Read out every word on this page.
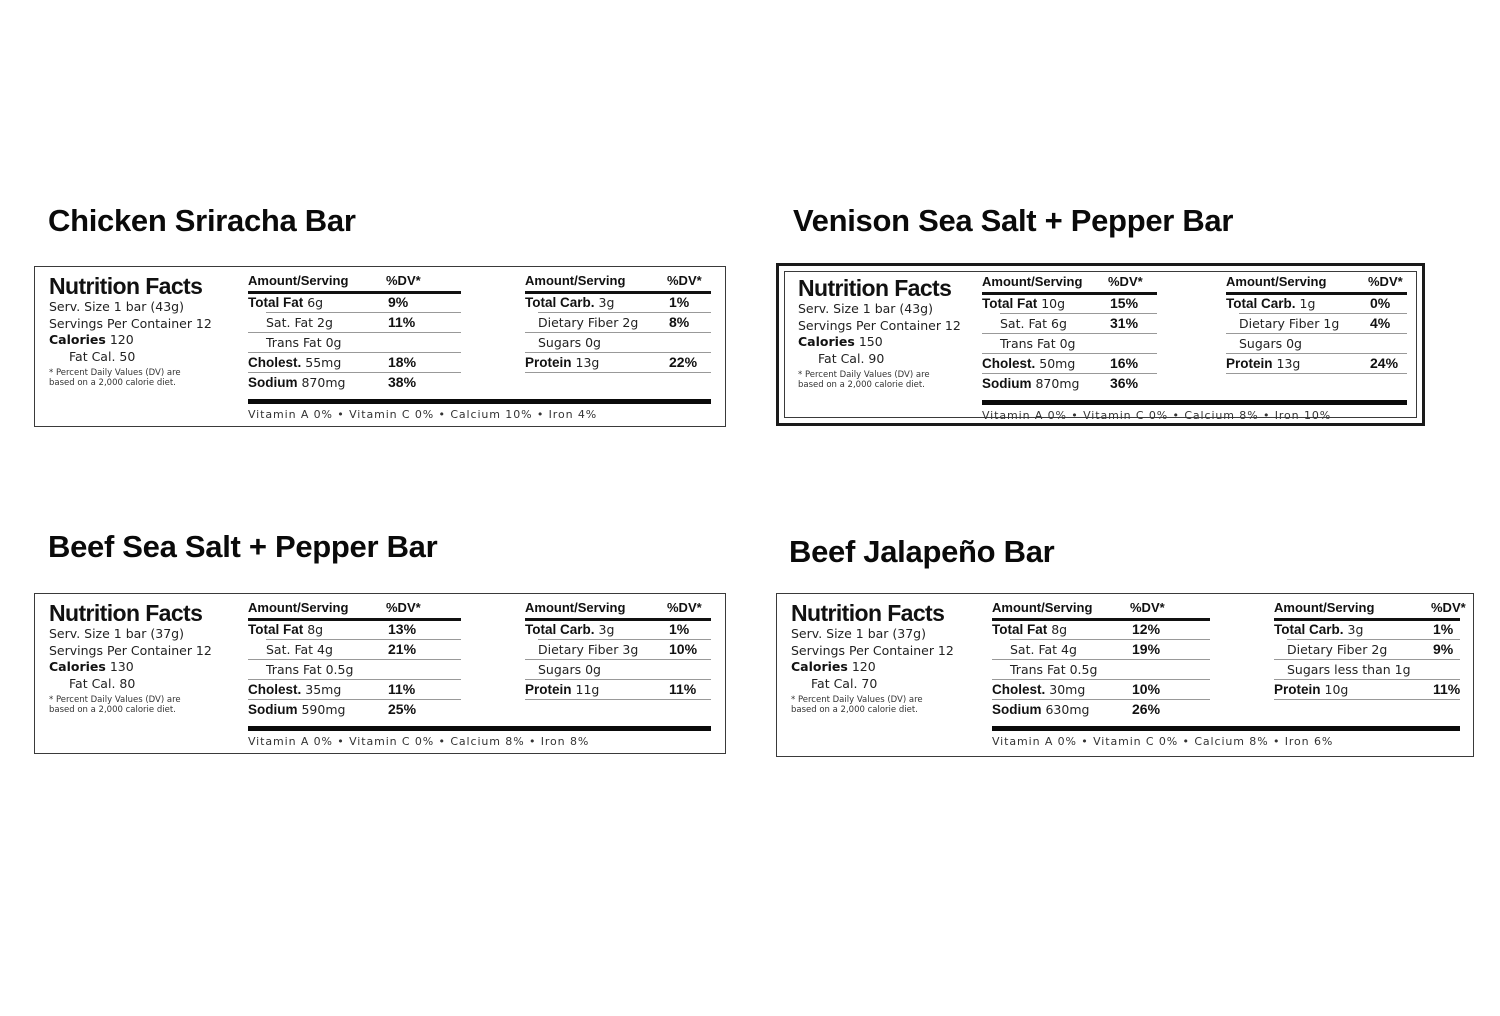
Chicken Sriracha Bar
Nutrition Facts
Serv. Size 1 bar (43g)
Servings Per Container 12
Calories 120
Fat Cal. 50
* Percent Daily Values (DV) are
based on a 2,000 calorie diet.
Amount/Serving	%DV*	Amount/Serving	%DV*
Total Fat 6g	9%
Sat. Fat 2g	11%
Trans Fat 0g
Cholest. 55mg	18%
Sodium 870mg	38%
Total Carb. 3g	1%
Dietary Fiber 2g 8%
Sugars 0g
Protein 13g	22%
Vitamin A 0% • Vitamin C 0% • Calcium 10% • Iron 4%
Venison Sea Salt + Pepper Bar
Nutrition Facts
Serv. Size 1 bar (43g)
Servings Per Container 12
Calories 150
Fat Cal. 90
* Percent Daily Values (DV) are
based on a 2,000 calorie diet.
Amount/Serving %DV*	Amount/Serving	%DV*
Total Fat 10g	15%
Sat. Fat 6g	31%
Trans Fat 0g
Cholest. 50mg 16%
Sodium 870mg 36%
Total Carb. 1g	0%
Dietary Fiber 1g 4%
Sugars 0g
Protein 13g	24%
Vitamin A 0% • Vitamin C 0% • Calcium 8% • Iron 10%
Beef Sea Salt + Pepper Bar
Nutrition Facts
Serv. Size 1 bar (37g)
Servings Per Container 12
Calories 130
Fat Cal. 80
* Percent Daily Values (DV) are
based on a 2,000 calorie diet.
Amount/Serving	%DV*	Amount/Serving	%DV*
Total Fat 8g	13%
Sat. Fat 4g	21%
Trans Fat 0.5g
Cholest. 35mg	11%
Sodium 590mg	25%
Total Carb. 3g	1%
Dietary Fiber 3g 10%
Sugars 0g
Protein 11g	11%
Vitamin A 0% • Vitamin C 0% • Calcium 8% • Iron 8%
Beef Jalapeño Bar
Nutrition Facts
Serv. Size 1 bar (37g)
Servings Per Container 12
Calories 120
Fat Cal. 70
* Percent Daily Values (DV) are
based on a 2,000 calorie diet.
Amount/Serving	%DV*	Amount/Serving	%DV*
Total Fat 8g	12%
Sat. Fat 4g	19%
Trans Fat 0.5g
Cholest. 30mg	10%
Sodium 630mg	26%
Total Carb. 3g	1%
Dietary Fiber 2g	9%
Sugars less than 1g
Protein 10g	11%
Vitamin A 0% • Vitamin C 0% • Calcium 8% • Iron 6%
